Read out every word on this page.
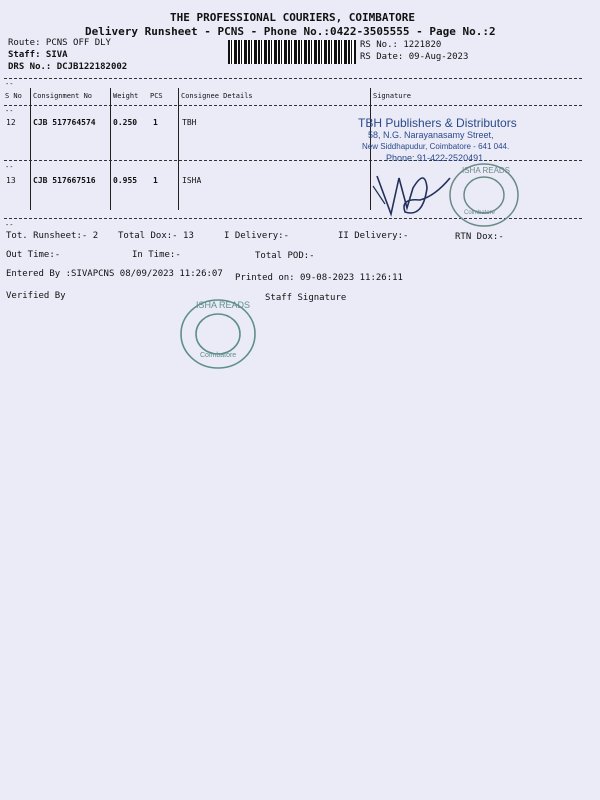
THE PROFESSIONAL COURIERS, COIMBATORE
Delivery Runsheet - PCNS - Phone No.:0422-3505555 - Page No.:2
Route: PCNS OFF DLY
Staff: SIVA
DRS No.: DCJB122182002
RS No.: 1221820
RS Date: 09-Aug-2023
--
--
S No Consignment No	Weight PCS	Consignee Details	Signature
12 CJB 517764574 0.250 1	TBH
--
13 CJB 517667516 0.955 1	ISHA
--
TBH Publishers & Distributors
58, N.G. Narayanasamy Street,
New Siddhapudur, Coimbatore - 641 044.
Phone: 91-422-2520491
ISHA READS
Coimbatore
Tot. Runsheet:- 2 Total Dox:- 13	I Delivery:-	II Delivery:-	RTN Dox:-
Out Time:-	In Time:-	Total POD:-
Entered By :SIVAPCNS 08/09/2023 11:26:07 Printed on: 09-08-2023 11:26:11
Verified By	Staff Signature
ISHA READS
Coimbatore
